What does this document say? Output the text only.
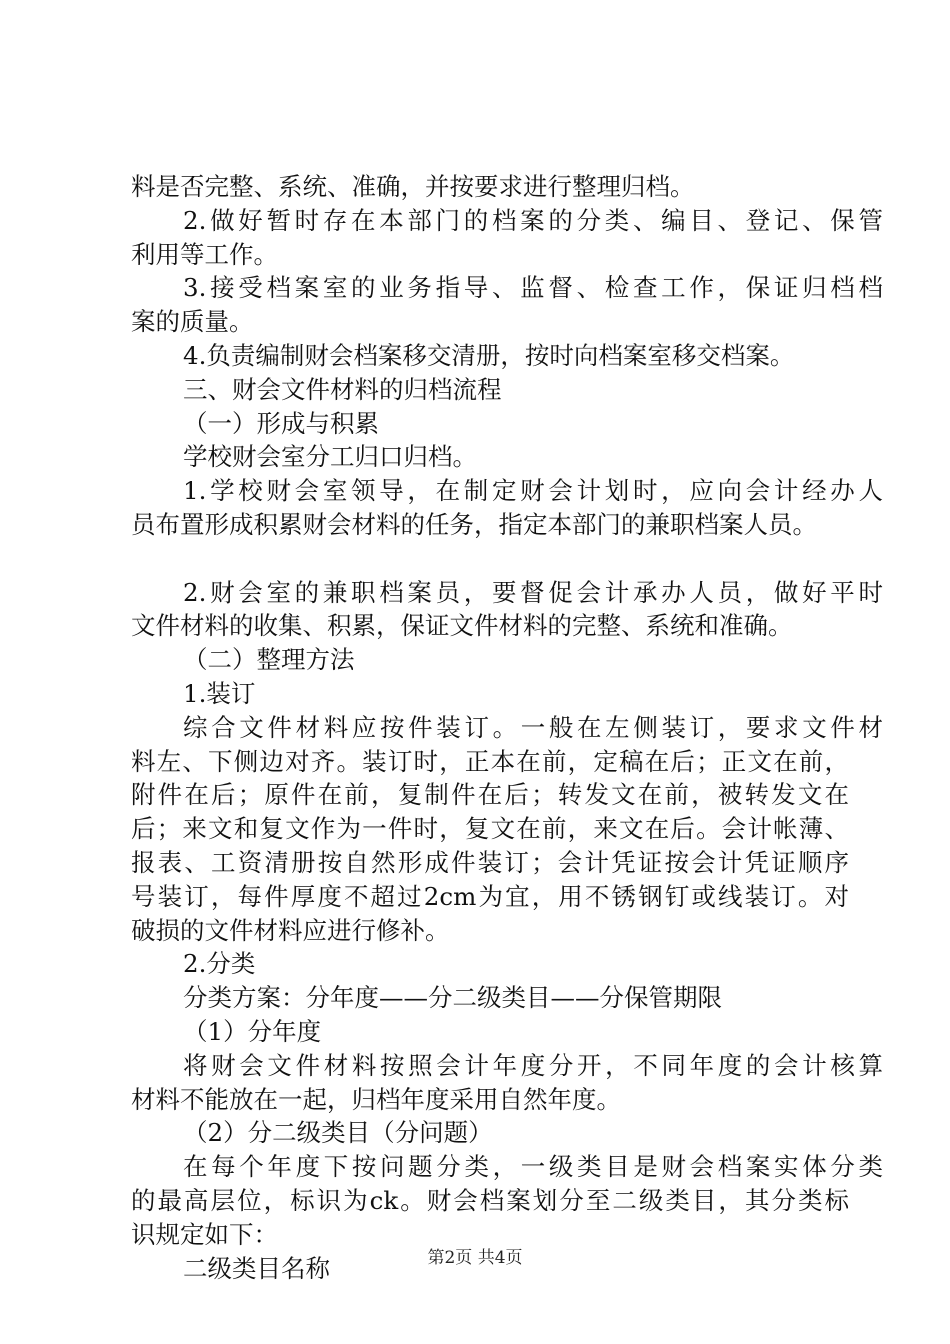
料是否完整、系统、准确，并按要求进行整理归档。
2.做好暂时存在本部门的档案的分类、编目、登记、保管
利用等工作。
3.接受档案室的业务指导、监督、检查工作，保证归档档
案的质量。
4.负责编制财会档案移交清册，按时向档案室移交档案。
三、财会文件材料的归档流程
（一）形成与积累
学校财会室分工归口归档。
1.学校财会室领导，在制定财会计划时，应向会计经办人
员布置形成积累财会材料的任务，指定本部门的兼职档案人员。
2.财会室的兼职档案员，要督促会计承办人员，做好平时
文件材料的收集、积累，保证文件材料的完整、系统和准确。
（二）整理方法
1.装订
综合文件材料应按件装订。一般在左侧装订，要求文件材
料左、下侧边对齐。装订时，正本在前，定稿在后；正文在前，
附件在后；原件在前，复制件在后；转发文在前，被转发文在
后；来文和复文作为一件时，复文在前，来文在后。会计帐薄、
报表、工资清册按自然形成件装订；会计凭证按会计凭证顺序
号装订，每件厚度不超过2cm为宜，用不锈钢钉或线装订。对
破损的文件材料应进行修补。
2.分类
分类方案：分年度——分二级类目——分保管期限
（1）分年度
将财会文件材料按照会计年度分开，不同年度的会计核算
材料不能放在一起，归档年度采用自然年度。
（2）分二级类目（分问题）
在每个年度下按问题分类，一级类目是财会档案实体分类
的最高层位，标识为ck。财会档案划分至二级类目，其分类标
识规定如下：
二级类目名称	第2页 共4页
